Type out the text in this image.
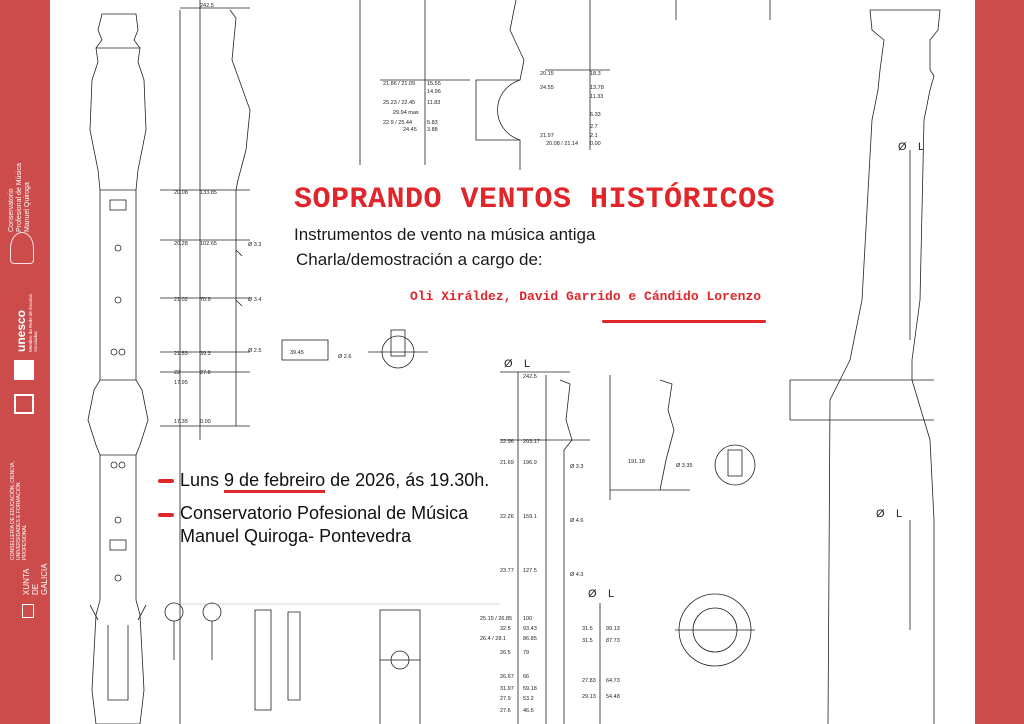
Conservatorio Profesional de Música Manuel Quiroga
unesco Membro da Rede de Escolas Asociadas
CONSELLERÍA DE EDUCACIÓN, CIENCIA, UNIVERSIDADES E FORMACIÓN PROFESIONAL
XUNTA DE GALICIA
242.5
20.08 133.85
20.28 102.65
21.02 70.9
21.83 39.3
22	27.8
17.95
17.35 0.00
Ø 3.3
Ø 3.4
Ø 2.5	39.45
Ø 2.6
21.86 / 21.09 15.55
14.96
25.23 / 22.45 11.83
29.94 max
22.9 / 25.44	5.83
24.45 3.88
20.15	18.3
24.55	13.78
11.33
6.33
2.7
21.97	2.1
20.08 / 21.14 0.00	Ø L
Ø L
Ø L
242.5
22.96 203.17
21.69 196.9
Ø 3.3
22.26 159.1
Ø 4.6
23.77 127.5
Ø 4.3
25.15 / 26.85 100
32.5 93.43
26.4 / 28.1	86.85
26.5 79
26.67 66
31.97 59.18
27.9 53.2
27.6 46.5
Ø L
31.5 99.13
31.5 87.73
27.83 64.73
29.13 54.48
191.18
Ø 3.35
SOPRANDO VENTOS HISTÓRICOS
Instrumentos de vento na música antiga
Charla/demostración a cargo de:
Oli Xiráldez, David Garrido e Cándido Lorenzo
Luns 9 de febreiro de 2026, ás 19.30h.
Conservatorio Pofesional de Música
Manuel Quiroga- Pontevedra
